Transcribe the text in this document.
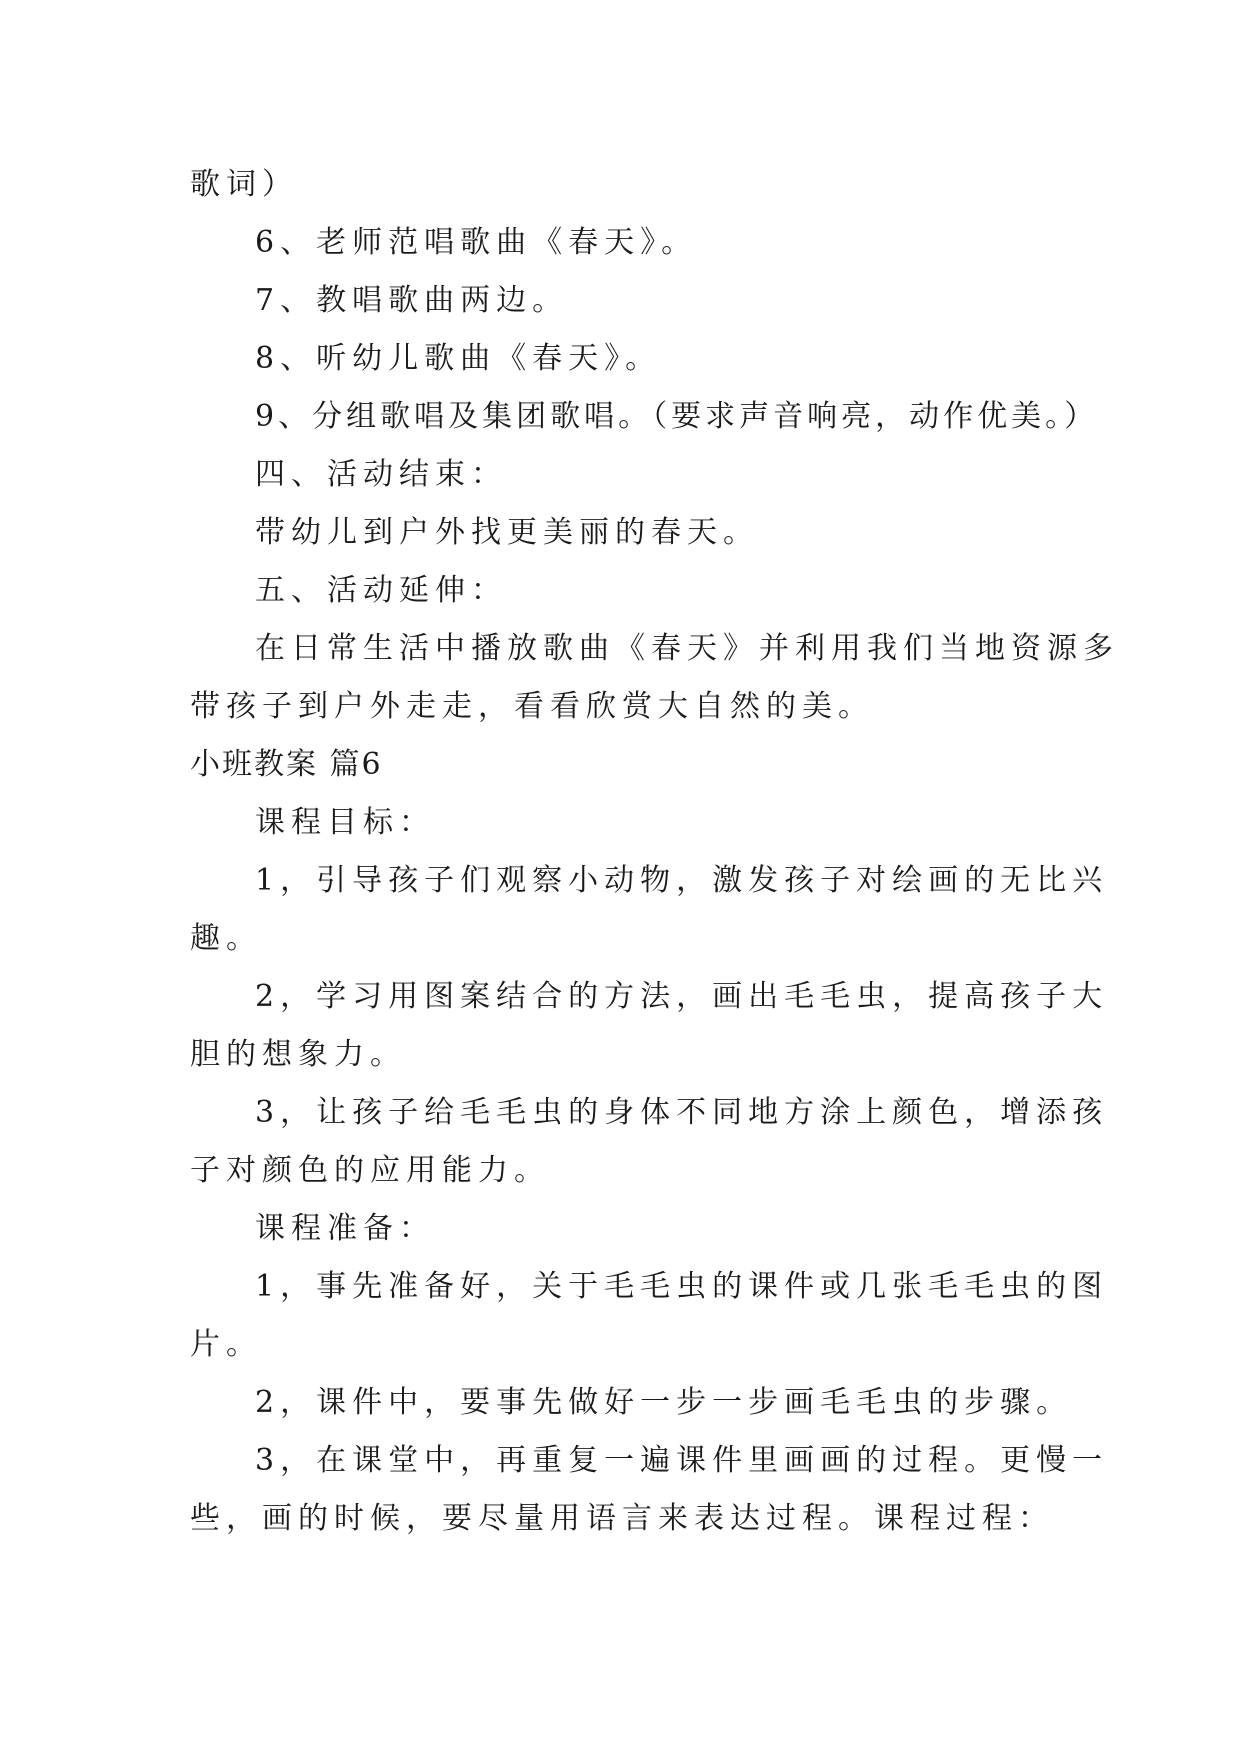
歌词）
6、老师范唱歌曲《春天》。
7、教唱歌曲两边。
8、听幼儿歌曲《春天》。
9、分组歌唱及集团歌唱。（要求声音响亮，动作优美。）
四、活动结束：
带幼儿到户外找更美丽的春天。
五、活动延伸：
在日常生活中播放歌曲《春天》并利用我们当地资源多
带孩子到户外走走，看看欣赏大自然的美。
小班教案 篇6
课程目标：
1，引导孩子们观察小动物，激发孩子对绘画的无比兴
趣。
2，学习用图案结合的方法，画出毛毛虫，提高孩子大
胆的想象力。
3，让孩子给毛毛虫的身体不同地方涂上颜色，增添孩
子对颜色的应用能力。
课程准备：
1，事先准备好，关于毛毛虫的课件或几张毛毛虫的图
片。
2，课件中，要事先做好一步一步画毛毛虫的步骤。
3，在课堂中，再重复一遍课件里画画的过程。更慢一
些，画的时候，要尽量用语言来表达过程。课程过程：
